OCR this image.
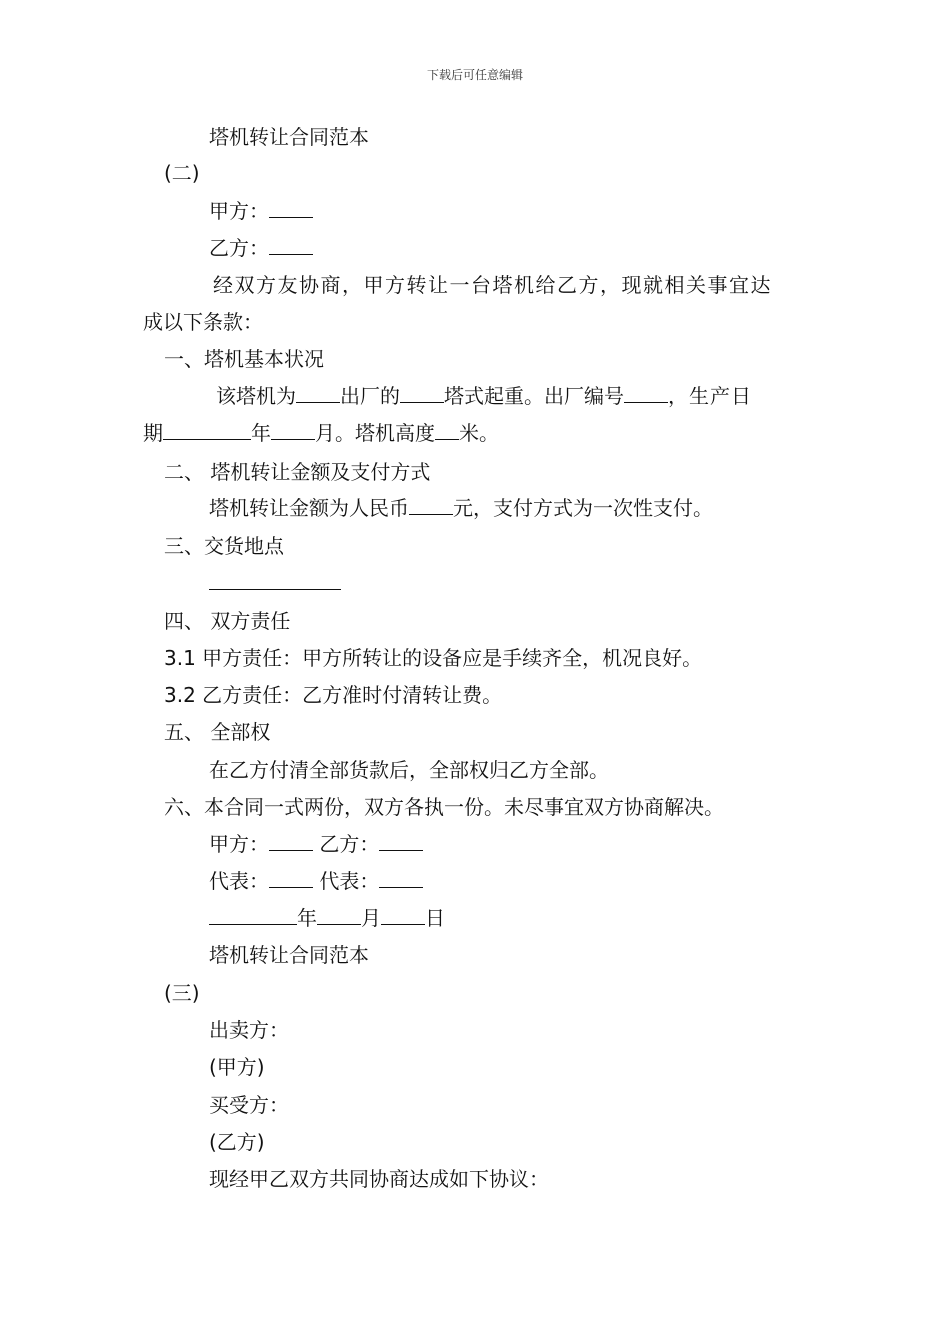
下载后可任意编辑
塔机转让合同范本
(二)
甲方：
乙方：
经双方友协商，甲方转让一台塔机给乙方，现就相关事宜达
成以下条款：
一、塔机基本状况
该塔机为 出厂的 塔式起重。出厂编号 ，生产日
期	年 月。塔机高度 米。
二、 塔机转让金额及支付方式
塔机转让金额为人民币 元，支付方式为一次性支付。
三、交货地点
四、 双方责任
3.1 甲方责任：甲方所转让的设备应是手续齐全，机况良好。
3.2 乙方责任：乙方准时付清转让费。
五、 全部权
在乙方付清全部货款后，全部权归乙方全部。
六、本合同一式两份，双方各执一份。未尽事宜双方协商解决。
甲方：	乙方：
代表：	代表：
年 月 日
塔机转让合同范本
(三)
出卖方：
(甲方)
买受方：
(乙方)
现经甲乙双方共同协商达成如下协议：
